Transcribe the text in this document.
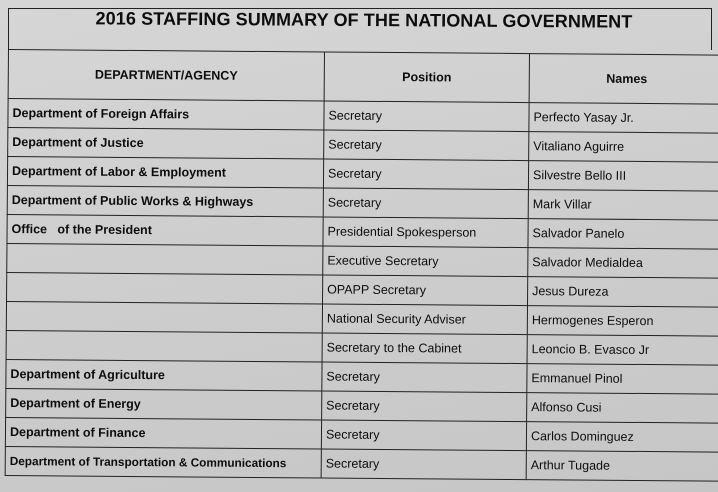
2016 STAFFING SUMMARY OF THE NATIONAL GOVERNMENT
DEPARTMENT/AGENCY	Position	Names
Department of Foreign Affairs	Secretary	Perfecto Yasay Jr.
Department of Justice	Secretary	Vitaliano Aguirre
Department of Labor & Employment	Secretary	Silvestre Bello III
Department of Public Works & Highways	Secretary	Mark Villar
Office   of the President	Presidential Spokesperson	Salvador Panelo
	Executive Secretary	Salvador Medialdea
	OPAPP Secretary	Jesus Dureza
	National Security Adviser	Hermogenes Esperon
	Secretary to the Cabinet	Leoncio B. Evasco Jr
Department of Agriculture	Secretary	Emmanuel Pinol
Department of Energy	Secretary	Alfonso Cusi
Department of Finance	Secretary	Carlos Dominguez
Department of Transportation & Communications	Secretary	Arthur Tugade
